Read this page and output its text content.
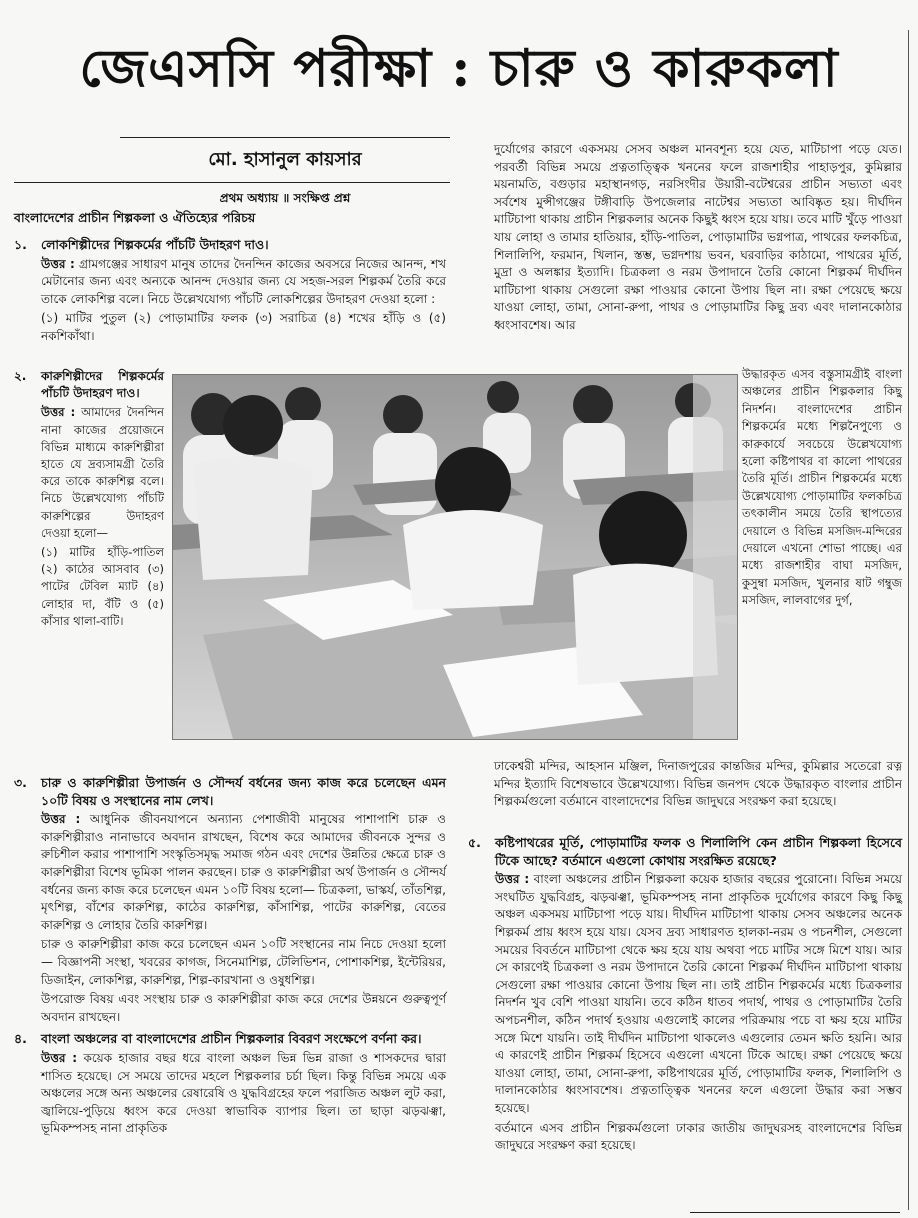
জেএসসি পরীক্ষা : চারু ও কারুকলা
মো. হাসানুল কায়সার
প্রথম অধ্যায় ॥ সংক্ষিপ্ত প্রশ্ন
বাংলাদেশের প্রাচীন শিল্পকলা ও ঐতিহ্যের পরিচয়
১.	লোকশিল্পীদের শিল্পকর্মের পাঁচটি উদাহরণ দাও।

উত্তর : গ্রামগঞ্জের সাধারণ মানুষ তাদের দৈনন্দিন কাজের অবসরে নিজের আনন্দ, শখ মেটানোর জন্য এবং অন্যকে আনন্দ দেওয়ার জন্য যে সহজ-সরল শিল্পকর্ম তৈরি করে তাকে লোকশিল্প বলে। নিচে উল্লেখযোগ্য পাঁচটি লোকশিল্পের উদাহরণ দেওয়া হলো :

(১) মাটির পুতুল (২) পোড়ামাটির ফলক (৩) সরাচিত্র (৪) শখের হাঁড়ি ও (৫) নকশিকাঁথা।

২.	কারুশিল্পীদের শিল্পকর্মের পাঁচটি উদাহরণ দাও।

উত্তর : আমাদের দৈনন্দিন নানা কাজের প্রয়োজনে বিভিন্ন মাধ্যমে কারুশিল্পীরা হাতে যে দ্রব্যসামগ্রী তৈরি করে তাকে কারুশিল্প বলে। নিচে উল্লেখযোগ্য পাঁচটি কারুশিল্পের উদাহরণ দেওয়া হলো—

(১) মাটির হাঁড়ি-পাতিল (২) কাঠের আসবাব (৩) পাটের টেবিল ম্যাট (৪) লোহার দা, বঁটি ও (৫) কাঁসার থালা-বাটি।

দুর্যোগের কারণে একসময় সেসব অঞ্চল মানবশূন্য হয়ে যেত, মাটিচাপা পড়ে যেত। পরবর্তী বিভিন্ন সময়ে প্রত্নতাত্ত্বিক খননের ফলে রাজশাহীর পাহাড়পুর, কুমিল্লার ময়নামতি, বগুড়ার মহাস্থানগড়, নরসিংদীর উয়ারী-বটেশ্বরের প্রাচীন সভ্যতা এবং সর্বশেষ মুন্সীগঞ্জের টঙ্গীবাড়ি উপজেলার নাটেশ্বর সভ্যতা আবিষ্কৃত হয়। দীর্ঘদিন মাটিচাপা থাকায় প্রাচীন শিল্পকলার অনেক কিছুই ধ্বংস হয়ে যায়। তবে মাটি খুঁড়ে পাওয়া যায় লোহা ও তামার হাতিয়ার, হাঁড়ি-পাতিল, পোড়ামাটির ভগ্নপাত্র, পাথরের ফলকচিত্র, শিলালিপি, ফরমান, খিলান, স্তম্ভ, ভগ্নদশায় ভবন, ঘরবাড়ির কাঠামো, পাথরের মূর্তি, মুদ্রা ও অলঙ্কার ইত্যাদি। চিত্রকলা ও নরম উপাদানে তৈরি কোনো শিল্পকর্ম দীর্ঘদিন মাটিচাপা থাকায় সেগুলো রক্ষা পাওয়ার কোনো উপায় ছিল না। রক্ষা পেয়েছে ক্ষয়ে যাওয়া লোহা, তামা, সোনা-রুপা, পাথর ও পোড়ামাটির কিছু দ্রব্য এবং দালানকোঠার ধ্বংসাবশেষ। আর

উদ্ধারকৃত এসব বস্তুসামগ্রীই বাংলা অঞ্চলের প্রাচীন শিল্পকলার কিছু নিদর্শন। বাংলাদেশের প্রাচীন শিল্পকর্মের মধ্যে শিল্পনৈপুণ্যে ও কারুকার্যে সবচেয়ে উল্লেখযোগ্য হলো কষ্টিপাথর বা কালো পাথরের তৈরি মূর্তি। প্রাচীন শিল্পকর্মের মধ্যে উল্লেখযোগ্য পোড়ামাটির ফলকচিত্র তৎকালীন সময়ে তৈরি স্থাপত্যের দেয়ালে ও বিভিন্ন মসজিদ-মন্দিরের দেয়ালে এখনো শোভা পাচ্ছে। এর মধ্যে রাজশাহীর বাঘা মসজিদ, কুসুম্বা মসজিদ, খুলনার ষাট গম্বুজ মসজিদ, লালবাগের দুর্গ,

ঢাকেশ্বরী মন্দির, আহসান মঞ্জিল, দিনাজপুরের কান্তজির মন্দির, কুমিল্লার সতেরো রত্ন মন্দির ইত্যাদি বিশেষভাবে উল্লেখযোগ্য। বিভিন্ন জনপদ থেকে উদ্ধারকৃত বাংলার প্রাচীন শিল্পকর্মগুলো বর্তমানে বাংলাদেশের বিভিন্ন জাদুঘরে সংরক্ষণ করা হয়েছে।

৩.	চারু ও কারুশিল্পীরা উপার্জন ও সৌন্দর্য বর্ধনের জন্য কাজ করে চলেছেন এমন ১০টি বিষয় ও সংস্থানের নাম লেখ।

উত্তর : আধুনিক জীবনযাপনে অন্যান্য পেশাজীবী মানুষের পাশাপাশি চারু ও কারুশিল্পীরাও নানাভাবে অবদান রাখছেন, বিশেষ করে আমাদের জীবনকে সুন্দর ও রুচিশীল করার পাশাপাশি সংস্কৃতিসমৃদ্ধ সমাজ গঠন এবং দেশের উন্নতির ক্ষেত্রে চারু ও কারুশিল্পীরা বিশেষ ভূমিকা পালন করছেন। চারু ও কারুশিল্পীরা অর্থ উপার্জন ও সৌন্দর্য বর্ধনের জন্য কাজ করে চলেছেন এমন ১০টি বিষয় হলো— চিত্রকলা, ভাস্কর্য, তাঁতশিল্প, মৃৎশিল্প, বাঁশের কারুশিল্প, কাঠের কারুশিল্প, কাঁসাশিল্প, পাটের কারুশিল্প, বেতের কারুশিল্প ও লোহার তৈরি কারুশিল্প।

চারু ও কারুশিল্পীরা কাজ করে চলেছেন এমন ১০টি সংস্থানের নাম নিচে দেওয়া হলো— বিজ্ঞাপনী সংস্থা, খবরের কাগজ, সিনেমাশিল্প, টেলিভিশন, পোশাকশিল্প, ইন্টেরিয়র, ডিজাইন, লোকশিল্প, কারুশিল্প, শিল্প-কারখানা ও ওষুধশিল্প।

উপরোক্ত বিষয় এবং সংস্থায় চারু ও কারুশিল্পীরা কাজ করে দেশের উন্নয়নে গুরুত্বপূর্ণ অবদান রাখছেন।

৪.	বাংলা অঞ্চলের বা বাংলাদেশের প্রাচীন শিল্পকলার বিবরণ সংক্ষেপে বর্ণনা কর।

উত্তর : কয়েক হাজার বছর ধরে বাংলা অঞ্চল ভিন্ন ভিন্ন রাজা ও শাসকদের দ্বারা শাসিত হয়েছে। সে সময়ে তাদের মহলে শিল্পকলার চর্চা ছিল। কিন্তু বিভিন্ন সময়ে এক অঞ্চলের সঙ্গে অন্য অঞ্চলের রেষারেষি ও যুদ্ধবিগ্রহের ফলে পরাজিত অঞ্চল লুট করা, জ্বালিয়ে-পুড়িয়ে ধ্বংস করে দেওয়া স্বাভাবিক ব্যাপার ছিল। তা ছাড়া ঝড়ঝঞ্ঝা, ভূমিকম্পসহ নানা প্রাকৃতিক

৫.	কষ্টিপাথরের মূর্তি, পোড়ামাটির ফলক ও শিলালিপি কেন প্রাচীন শিল্পকলা হিসেবে টিকে আছে? বর্তমানে এগুলো কোথায় সংরক্ষিত রয়েছে?

উত্তর : বাংলা অঞ্চলের প্রাচীন শিল্পকলা কয়েক হাজার বছরের পুরোনো। বিভিন্ন সময়ে সংঘটিত যুদ্ধবিগ্রহ, ঝড়ঝঞ্ঝা, ভূমিকম্পসহ নানা প্রাকৃতিক দুর্যোগের কারণে কিছু কিছু অঞ্চল একসময় মাটিচাপা পড়ে যায়। দীর্ঘদিন মাটিচাপা থাকায় সেসব অঞ্চলের অনেক শিল্পকর্ম প্রায় ধ্বংস হয়ে যায়। যেসব দ্রব্য সাধারণত হালকা-নরম ও পচনশীল, সেগুলো সময়ের বিবর্তনে মাটিচাপা থেকে ক্ষয় হয়ে যায় অথবা পচে মাটির সঙ্গে মিশে যায়। আর সে কারণেই চিত্রকলা ও নরম উপাদানে তৈরি কোনো শিল্পকর্ম দীর্ঘদিন মাটিচাপা থাকায় সেগুলো রক্ষা পাওয়ার কোনো উপায় ছিল না। তাই প্রাচীন শিল্পকর্মের মধ্যে চিত্রকলার নিদর্শন খুব বেশি পাওয়া যায়নি। তবে কঠিন ধাতব পদার্থ, পাথর ও পোড়ামাটির তৈরি অপচনশীল, কঠিন পদার্থ হওয়ায় এগুলোই কালের পরিক্রমায় পচে বা ক্ষয় হয়ে মাটির সঙ্গে মিশে যায়নি। তাই দীর্ঘদিন মাটিচাপা থাকলেও এগুলোর তেমন ক্ষতি হয়নি। আর এ কারণেই প্রাচীন শিল্পকর্ম হিসেবে এগুলো এখনো টিকে আছে। রক্ষা পেয়েছে ক্ষয়ে যাওয়া লোহা, তামা, সোনা-রুপা, কষ্টিপাথরের মূর্তি, পোড়ামাটির ফলক, শিলালিপি ও দালানকোঠার ধ্বংসাবশেষ। প্রত্নতাত্ত্বিক খননের ফলে এগুলো উদ্ধার করা সম্ভব হয়েছে।

বর্তমানে এসব প্রাচীন শিল্পকর্মগুলো ঢাকার জাতীয় জাদুঘরসহ বাংলাদেশের বিভিন্ন জাদুঘরে সংরক্ষণ করা হয়েছে।
